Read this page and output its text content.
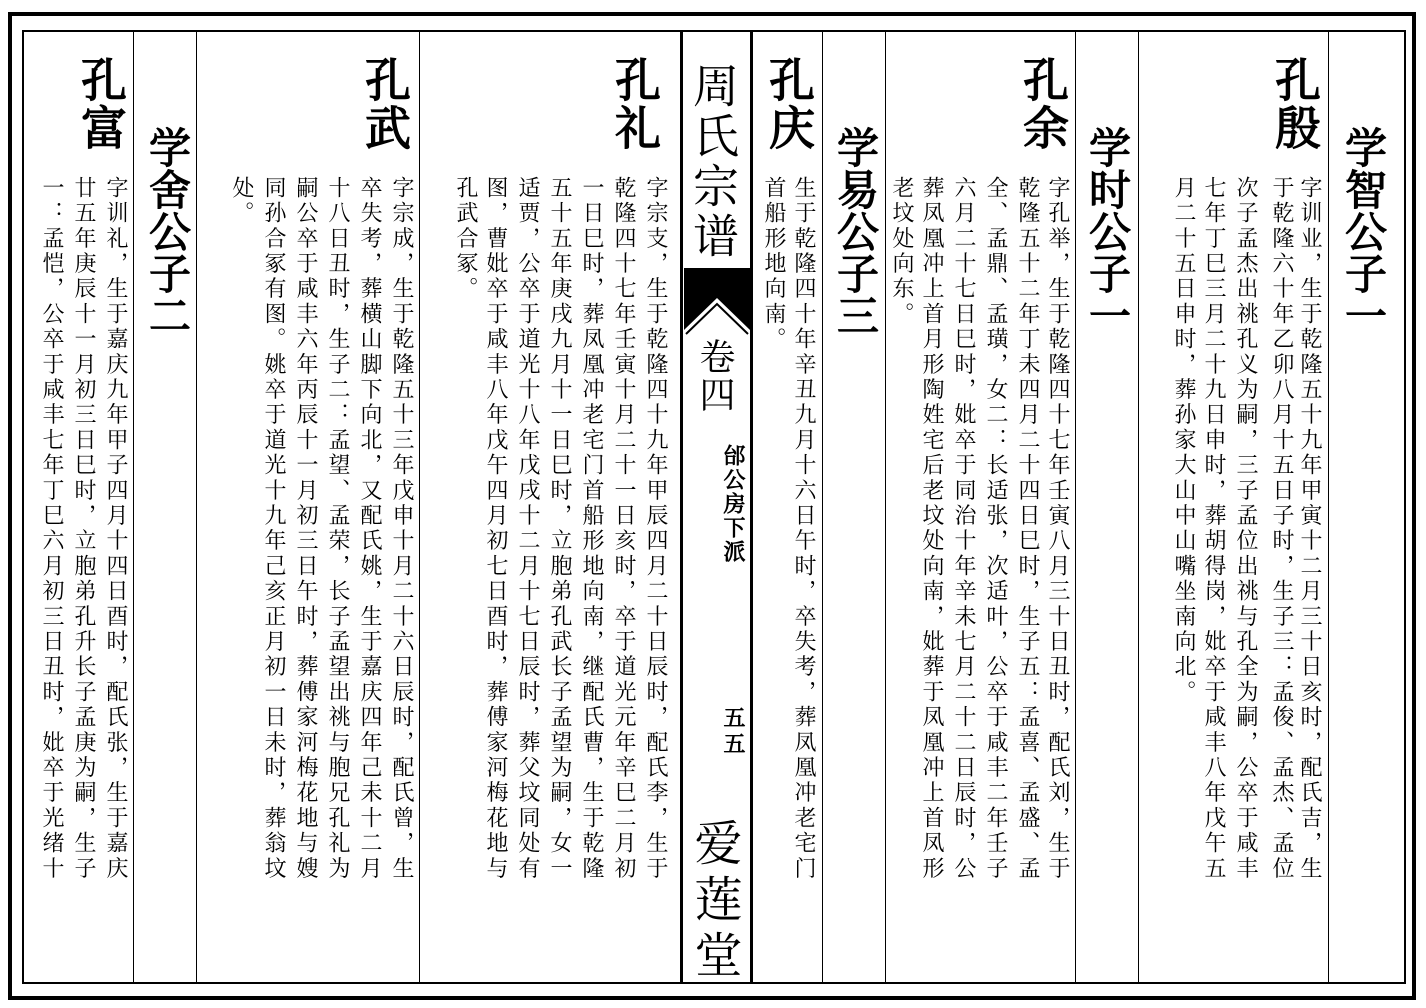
周氏宗谱
卷四
邰公房下派
五五
爱莲堂
学智公子一
孔殷
字训业，生于乾隆五十九年甲寅十二月三十日亥时，配氏吉，生
于乾隆六十年乙卯八月十五日子时，生子三：孟俊、孟杰、孟位
次子孟杰出祧孔义为嗣，三子孟位出祧与孔全为嗣，公卒于咸丰
七年丁巳三月二十九日申时，葬胡得岗，妣卒于咸丰八年戊午五
月二十五日申时，葬孙家大山中山嘴坐南向北。
学时公子一
孔余
字孔举，生于乾隆四十七年壬寅八月三十日丑时，配氏刘，生于
乾隆五十二年丁未四月二十四日巳时，生子五：孟喜、孟盛、孟
全、孟鼎、孟璜，女二：长适张，次适叶，公卒于咸丰二年壬子
六月二十七日巳时，妣卒于同治十年辛未七月二十二日辰时，公
葬凤凰冲上首月形陶姓宅后老坟处向南，妣葬于凤凰冲上首凤形
老坟处向东。
学易公子三
孔庆
生于乾隆四十年辛丑九月十六日午时，卒失考，葬凤凰冲老宅门
首船形地向南。
孔礼
字宗支，生于乾隆四十九年甲辰四月二十日辰时，配氏李，生于
乾隆四十七年壬寅十月二十一日亥时，卒于道光元年辛巳二月初
一日巳时，葬凤凰冲老宅门首船形地向南，继配氏曹，生于乾隆
五十五年庚戌九月十一日巳时，立胞弟孔武长子孟望为嗣，女一
适贾，公卒于道光十八年戊戌十二月十七日辰时，葬父坟同处有
图，曹妣卒于咸丰八年戊午四月初七日酉时，葬傅家河梅花地与
孔武合冢。
孔武
字宗成，生于乾隆五十三年戊申十月二十六日辰时，配氏曾，生
卒失考，葬横山脚下向北，又配氏姚，生于嘉庆四年己未十二月
十八日丑时，生子二：孟望、孟荣，长子孟望出祧与胞兄孔礼为
嗣公卒于咸丰六年丙辰十一月初三日午时，葬傅家河梅花地与嫂
同孙合冢有图。姚卒于道光十九年己亥正月初一日未时，葬翁坟
处。
学舍公子二
孔富
字训礼，生于嘉庆九年甲子四月十四日酉时，配氏张，生于嘉庆
廿五年庚辰十一月初三日巳时，立胞弟孔升长子孟庚为嗣，生子
一：孟恺，公卒于咸丰七年丁巳六月初三日丑时，妣卒于光绪十
